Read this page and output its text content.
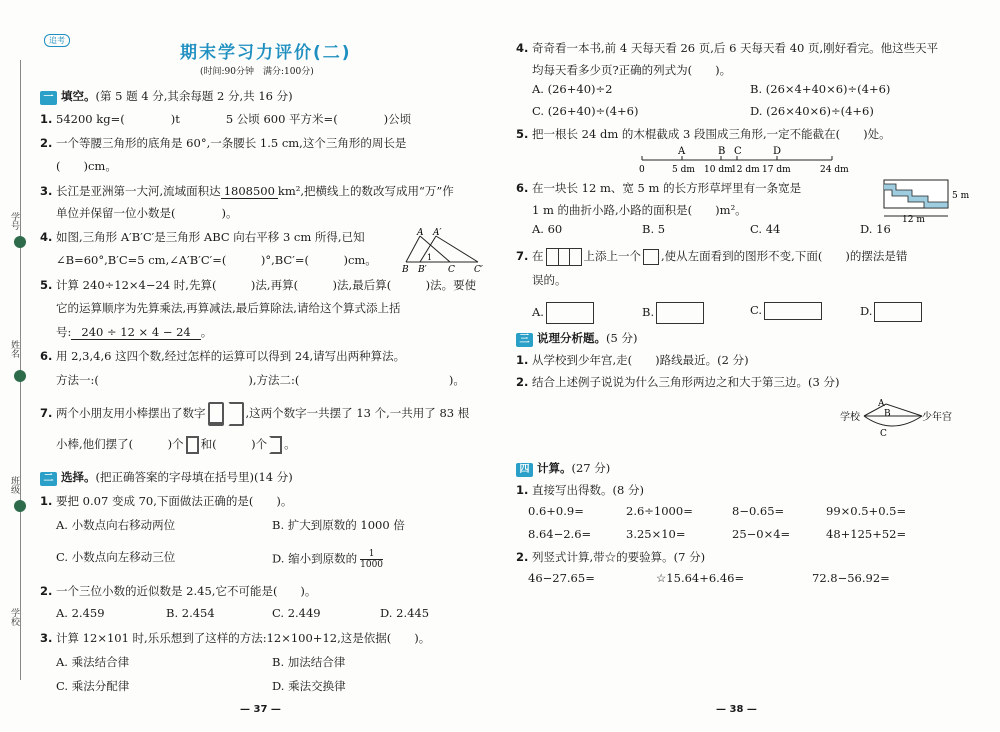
学号
姓名
班级
学校
追考
期末学习力评价(二)
(时间:90分钟　满分:100分)
一 填空。(第 5 题 4 分,其余每题 2 分,共 16 分)
1. 54200 kg=(　　　　)t　　　　5 公顷 600 平方米=(　　　　)公顷
2. 一个等腰三角形的底角是 60°,一条腰长 1.5 cm,这个三角形的周长是
(　　)cm。
3. 长江是亚洲第一大河,流域面积达 1808500 km²,把横线上的数改写成用“万”作
单位并保留一位小数是(　　　　)。
4. 如图,三角形 A′B′C′是三角形 ABC 向右平移 3 cm 所得,已知
∠B=60°,B′C=5 cm,∠A′B′C′=(　　　)°,BC′=(　　　)cm。
A A′
B B′
1
C C′
5. 计算 240÷12×4−24 时,先算(　　　)法,再算(　　　)法,最后算(　　　)法。要使
它的运算顺序为先算乘法,再算减法,最后算除法,请给这个算式添上括
号: 240 ÷ 12 × 4 − 24 。
6. 用 2,3,4,6 这四个数,经过怎样的运算可以得到 24,请写出两种算法。
方法一:(　　　　　　　　　　　　　),方法二:(　　　　　　　　　　　　　)。
7. 两个小朋友用小棒摆出了数字	,这两个数字一共摆了 13 个,一共用了 83 根
小棒,他们摆了(　　　)个 和(　　　)个 。
二 选择。(把正确答案的字母填在括号里)(14 分)
1. 要把 0.07 变成 70,下面做法正确的是(　　)。
A. 小数点向右移动两位	B. 扩大到原数的 1000 倍
C. 小数点向左移动三位	D. 缩小到原数的 $\frac{1}{1000}$
2. 一个三位小数的近似数是 2.45,它不可能是(　　)。
A. 2.459	B. 2.454	C. 2.449	D. 2.445
3. 计算 12×101 时,乐乐想到了这样的方法:12×100+12,这是依据(　　)。
A. 乘法结合律	B. 加法结合律
C. 乘法分配律	D. 乘法交换律
— 37 —
4. 奇奇看一本书,前 4 天每天看 26 页,后 6 天每天看 40 页,刚好看完。他这些天平
均每天看多少页?正确的列式为(　　)。
A. (26+40)÷2	B. (26×4+40×6)÷(4+6)
C. (26+40)÷(4+6)	D. (26×40×6)÷(4+6)
5. 把一根长 24 dm 的木棍截成 3 段围成三角形,一定不能截在(　　)处。
A	B C	D
0	5 dm 10 dm
12 dm 17 dm	24 dm
6. 在一块长 12 m、宽 5 m 的长方形草坪里有一条宽是
1 m 的曲折小路,小路的面积是(　　)m²。
12 m
5 m
A. 60	B. 5	C. 44	D. 16
7. 在	上添上一个 ,使从左面看到的图形不变,下面(　　)的摆法是错
误的。
A.	B.	C.	D.
三 说理分析题。(5 分)
1. 从学校到少年宫,走(　　)路线最近。(2 分)
2. 结合上述例子说说为什么三角形两边之和大于第三边。(3 分)
学校
A
B
C
少年宫
四 计算。(27 分)
1. 直接写出得数。(8 分)
0.6+0.9=	2.6÷1000=	8−0.65=	99×0.5+0.5=
8.64−2.6=	3.25×10=	25−0×4=	48+125+52=
2. 列竖式计算,带☆的要验算。(7 分)
46−27.65=	☆15.64+6.46=	72.8−56.92=
— 38 —
